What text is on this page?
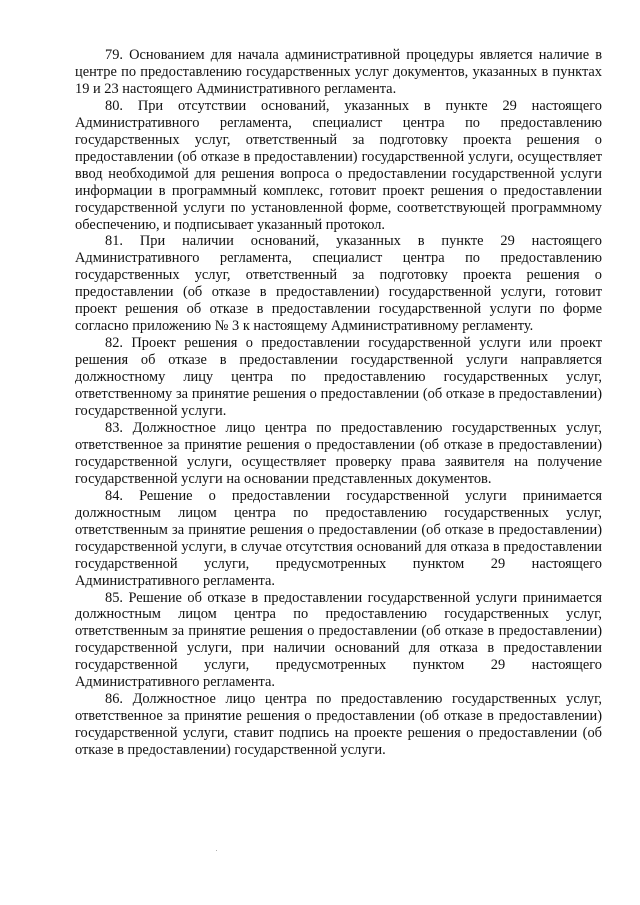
79. Основанием для начала административной процедуры является наличие в центре по предоставлению государственных услуг документов, указанных в пунктах 19 и 23 настоящего Административного регламента.

80. При отсутствии оснований, указанных в пункте 29 настоящего Административного регламента, специалист центра по предоставлению государственных услуг, ответственный за подготовку проекта решения о предоставлении (об отказе в предоставлении) государственной услуги, осуществляет ввод необходимой для решения вопроса о предоставлении государственной услуги информации в программный комплекс, готовит проект решения о предоставлении государственной услуги по установленной форме, соответствующей программному обеспечению, и подписывает указанный протокол.

81. При наличии оснований, указанных в пункте 29 настоящего Административного регламента, специалист центра по предоставлению государственных услуг, ответственный за подготовку проекта решения о предоставлении (об отказе в предоставлении) государственной услуги, готовит проект решения об отказе в предоставлении государственной услуги по форме согласно приложению № 3 к настоящему Административному регламенту.

82. Проект решения о предоставлении государственной услуги или проект решения об отказе в предоставлении государственной услуги направляется должностному лицу центра по предоставлению государственных услуг, ответственному за принятие решения о предоставлении (об отказе в предоставлении) государственной услуги.

83. Должностное лицо центра по предоставлению государственных услуг, ответственное за принятие решения о предоставлении (об отказе в предоставлении) государственной услуги, осуществляет проверку права заявителя на получение государственной услуги на основании представленных документов.

84. Решение о предоставлении государственной услуги принимается должностным лицом центра по предоставлению государственных услуг, ответственным за принятие решения о предоставлении (об отказе в предоставлении) государственной услуги, в случае отсутствия оснований для отказа в предоставлении государственной услуги, предусмотренных пунктом 29 настоящего Административного регламента.

85. Решение об отказе в предоставлении государственной услуги принимается должностным лицом центра по предоставлению государственных услуг, ответственным за принятие решения о предоставлении (об отказе в предоставлении) государственной услуги, при наличии оснований для отказа в предоставлении государственной услуги, предусмотренных пунктом 29 настоящего Административного регламента.

86. Должностное лицо центра по предоставлению государственных услуг, ответственное за принятие решения о предоставлении (об отказе в предоставлении) государственной услуги, ставит подпись на проекте решения о предоставлении (об отказе в предоставлении) государственной услуги.
